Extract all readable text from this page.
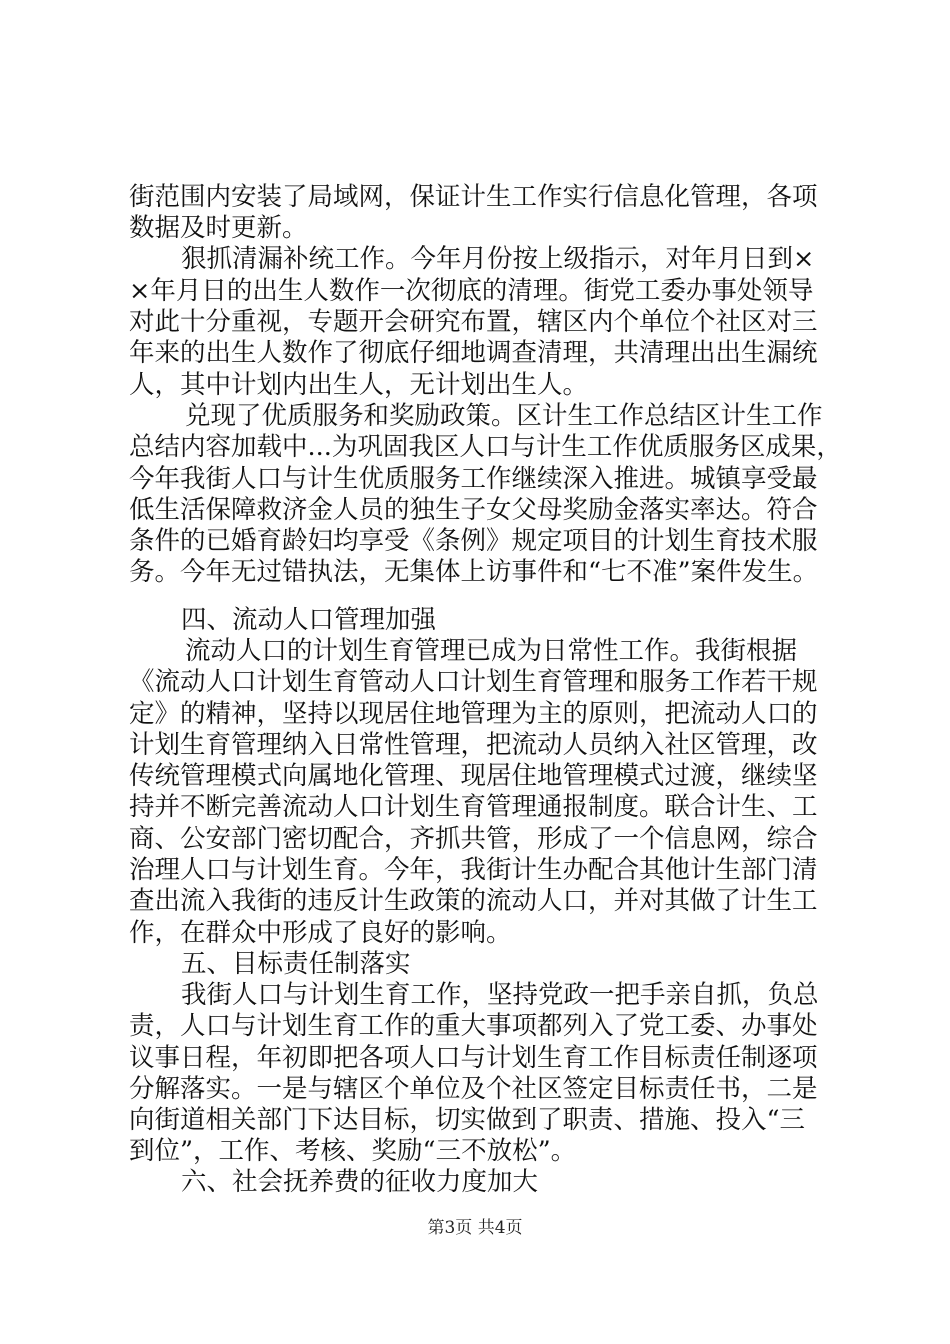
街范围内安装了局域网，保证计生工作实行信息化管理，各项
数据及时更新。
狠抓清漏补统工作。今年月份按上级指示，对年月日到×
×年月日的出生人数作一次彻底的清理。街党工委办事处领导
对此十分重视，专题开会研究布置，辖区内个单位个社区对三
年来的出生人数作了彻底仔细地调查清理，共清理出出生漏统
人，其中计划内出生人，无计划出生人。
兑现了优质服务和奖励政策。区计生工作总结区计生工作
总结内容加载中...为巩固我区人口与计生工作优质服务区成果，
今年我街人口与计生优质服务工作继续深入推进。城镇享受最
低生活保障救济金人员的独生子女父母奖励金落实率达。符合
条件的已婚育龄妇均享受《条例》规定项目的计划生育技术服
务。今年无过错执法，无集体上访事件和“七不准”案件发生。
四、流动人口管理加强
流动人口的计划生育管理已成为日常性工作。我街根据
《流动人口计划生育管动人口计划生育管理和服务工作若干规
定》的精神，坚持以现居住地管理为主的原则，把流动人口的
计划生育管理纳入日常性管理，把流动人员纳入社区管理，改
传统管理模式向属地化管理、现居住地管理模式过渡，继续坚
持并不断完善流动人口计划生育管理通报制度。联合计生、工
商、公安部门密切配合，齐抓共管，形成了一个信息网，综合
治理人口与计划生育。今年，我街计生办配合其他计生部门清
查出流入我街的违反计生政策的流动人口，并对其做了计生工
作，在群众中形成了良好的影响。
五、目标责任制落实
我街人口与计划生育工作，坚持党政一把手亲自抓，负总
责，人口与计划生育工作的重大事项都列入了党工委、办事处
议事日程，年初即把各项人口与计划生育工作目标责任制逐项
分解落实。一是与辖区个单位及个社区签定目标责任书，二是
向街道相关部门下达目标，切实做到了职责、措施、投入“三
到位”，工作、考核、奖励“三不放松”。
六、社会抚养费的征收力度加大
第3页 共4页
